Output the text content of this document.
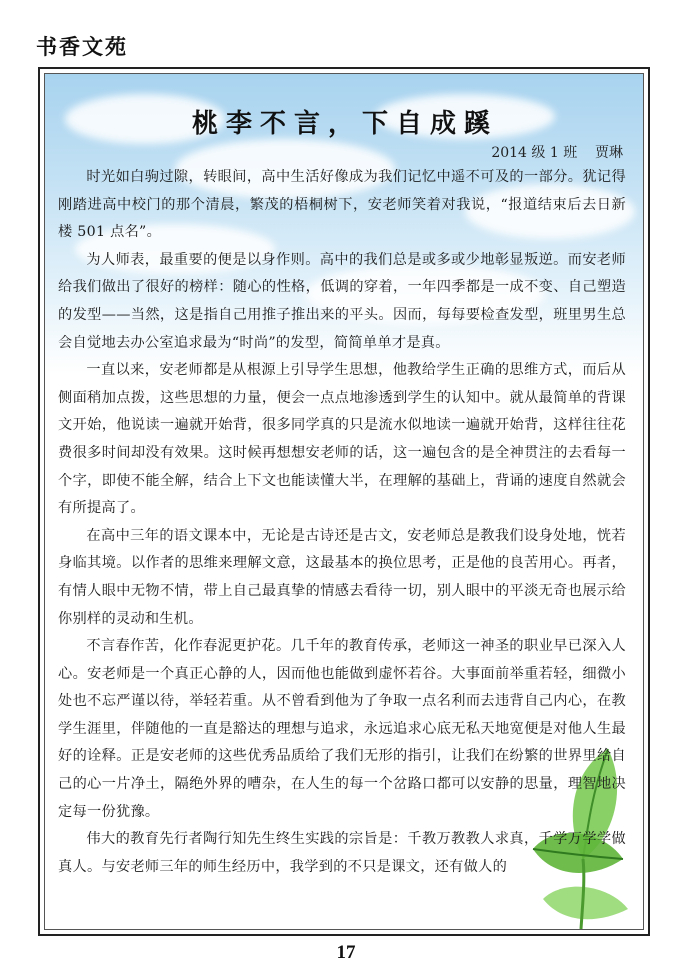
书香文苑
桃李不言，下自成蹊
2014 级 1 班    贾琳

时光如白驹过隙，转眼间，高中生活好像成为我们记忆中遥不可及的一部分。犹记得刚踏进高中校门的那个清晨，繁茂的梧桐树下，安老师笑着对我说，“报道结束后去日新楼 501 点名”。

为人师表，最重要的便是以身作则。高中的我们总是或多或少地彰显叛逆。而安老师给我们做出了很好的榜样：随心的性格，低调的穿着，一年四季都是一成不变、自己塑造的发型——当然，这是指自己用推子推出来的平头。因而，每每要检查发型，班里男生总会自觉地去办公室追求最为“时尚”的发型，简简单单才是真。

一直以来，安老师都是从根源上引导学生思想，他教给学生正确的思维方式，而后从侧面稍加点拨，这些思想的力量，便会一点点地渗透到学生的认知中。就从最简单的背课文开始，他说读一遍就开始背，很多同学真的只是流水似地读一遍就开始背，这样往往花费很多时间却没有效果。这时候再想想安老师的话，这一遍包含的是全神贯注的去看每一个字，即使不能全解，结合上下文也能读懂大半，在理解的基础上，背诵的速度自然就会有所提高了。

在高中三年的语文课本中，无论是古诗还是古文，安老师总是教我们设身处地，恍若身临其境。以作者的思维来理解文意，这最基本的换位思考，正是他的良苦用心。再者，有情人眼中无物不情，带上自己最真挚的情感去看待一切，别人眼中的平淡无奇也展示给你别样的灵动和生机。

不言春作苦，化作春泥更护花。几千年的教育传承，老师这一神圣的职业早已深入人心。安老师是一个真正心静的人，因而他也能做到虚怀若谷。大事面前举重若轻，细微小处也不忘严谨以待，举轻若重。从不曾看到他为了争取一点名利而去违背自己内心，在教学生涯里，伴随他的一直是豁达的理想与追求，永远追求心底无私天地宽便是对他人生最好的诠释。正是安老师的这些优秀品质给了我们无形的指引，让我们在纷繁的世界里给自己的心一片净土，隔绝外界的嘈杂，在人生的每一个岔路口都可以安静的思量，理智地决定每一份犹豫。

伟大的教育先行者陶行知先生终生实践的宗旨是：千教万教教人求真，千学万学学做真人。与安老师三年的师生经历中，我学到的不只是课文，还有做人的

17
